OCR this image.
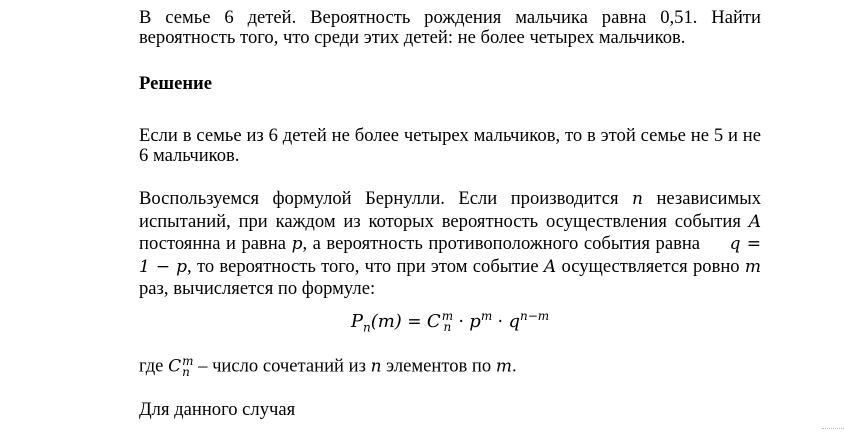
В семье 6 детей. Вероятность рождения мальчика равна 0,51. Найти вероятность того, что среди этих детей: не более четырех мальчиков.

Решение

Если в семье из 6 детей не более четырех мальчиков, то в этой семье не 5 и не 6 мальчиков.

Воспользуемся формулой Бернулли. Если производится n независимых испытаний, при каждом из которых вероятность осуществления события A постоянна и равна p, а вероятность противоположного события равна q = 1 − p, то вероятность того, что при этом событие A осуществляется ровно m раз, вычисляется по формуле:

$P_n(m) = C$ m
$n \cdot p^m \cdot q^{n-m}$

где C m
n – число сочетаний из n элементов по m.

Для данного случая
